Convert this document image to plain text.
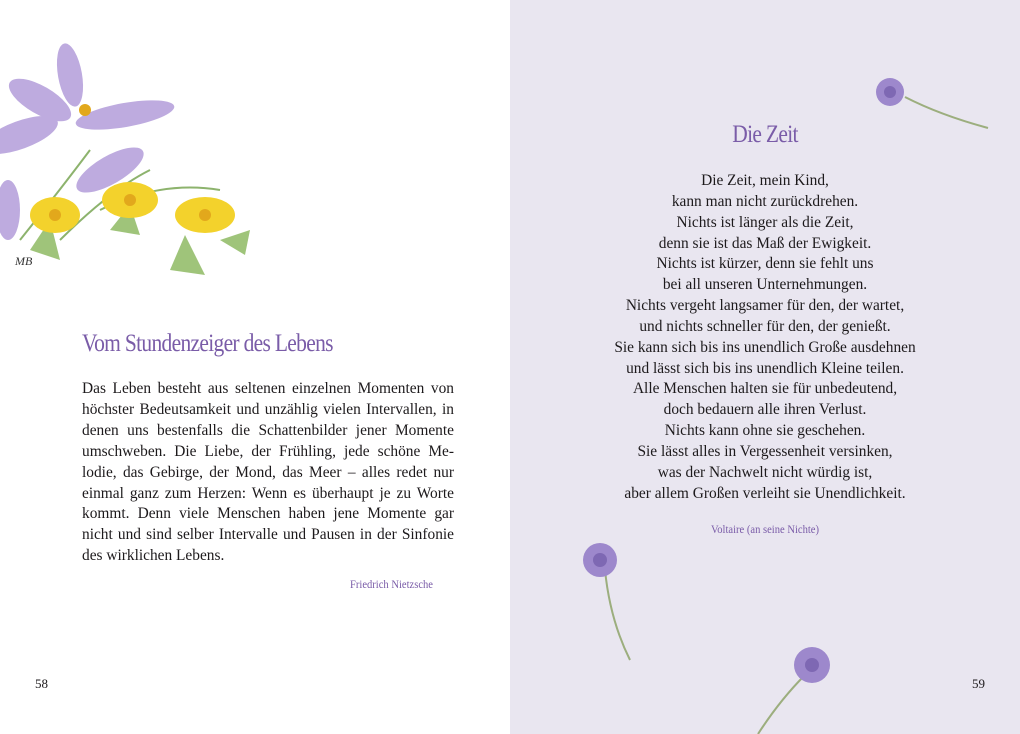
MB
Vom Stundenzeiger des Lebens
Das Leben besteht aus seltenen einzelnen Momenten von
höchster Bedeutsamkeit und unzählig vielen Intervallen, in
denen uns bestenfalls die Schattenbilder jener Momente
umschweben. Die Liebe, der Frühling, jede schöne Me-
lodie, das Gebirge, der Mond, das Meer – alles redet nur
einmal ganz zum Herzen: Wenn es überhaupt je zu Worte
kommt. Denn viele Menschen haben jene Momente gar
nicht und sind selber Intervalle und Pausen in der Sinfonie
des wirklichen Lebens.
Friedrich Nietzsche
58
Die Zeit
Die Zeit, mein Kind,
kann man nicht zurückdrehen.
Nichts ist länger als die Zeit,
denn sie ist das Maß der Ewigkeit.
Nichts ist kürzer, denn sie fehlt uns
bei all unseren Unternehmungen.
Nichts vergeht langsamer für den, der wartet,
und nichts schneller für den, der genießt.
Sie kann sich bis ins unendlich Große ausdehnen
und lässt sich bis ins unendlich Kleine teilen.
Alle Menschen halten sie für unbedeutend,
doch bedauern alle ihren Verlust.
Nichts kann ohne sie geschehen.
Sie lässt alles in Vergessenheit versinken,
was der Nachwelt nicht würdig ist,
aber allem Großen verleiht sie Unendlichkeit.
Voltaire (an seine Nichte)
59
